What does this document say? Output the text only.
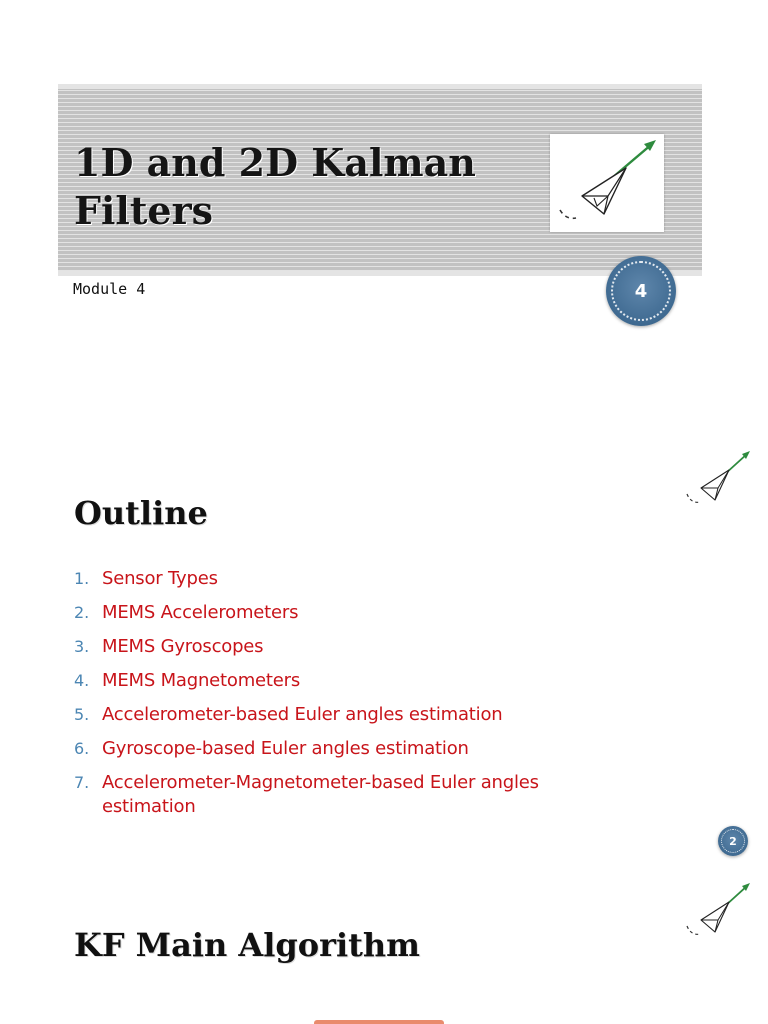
1D and 2D Kalman
Filters

Module 4	4
Outline
1. Sensor Types
2. MEMS Accelerometers
3. MEMS Gyroscopes
4. MEMS Magnetometers
5. Accelerometer-based Euler angles estimation
6. Gyroscope-based Euler angles estimation
7. Accelerometer-Magnetometer-based Euler angles estimation
2
KF Main Algorithm
